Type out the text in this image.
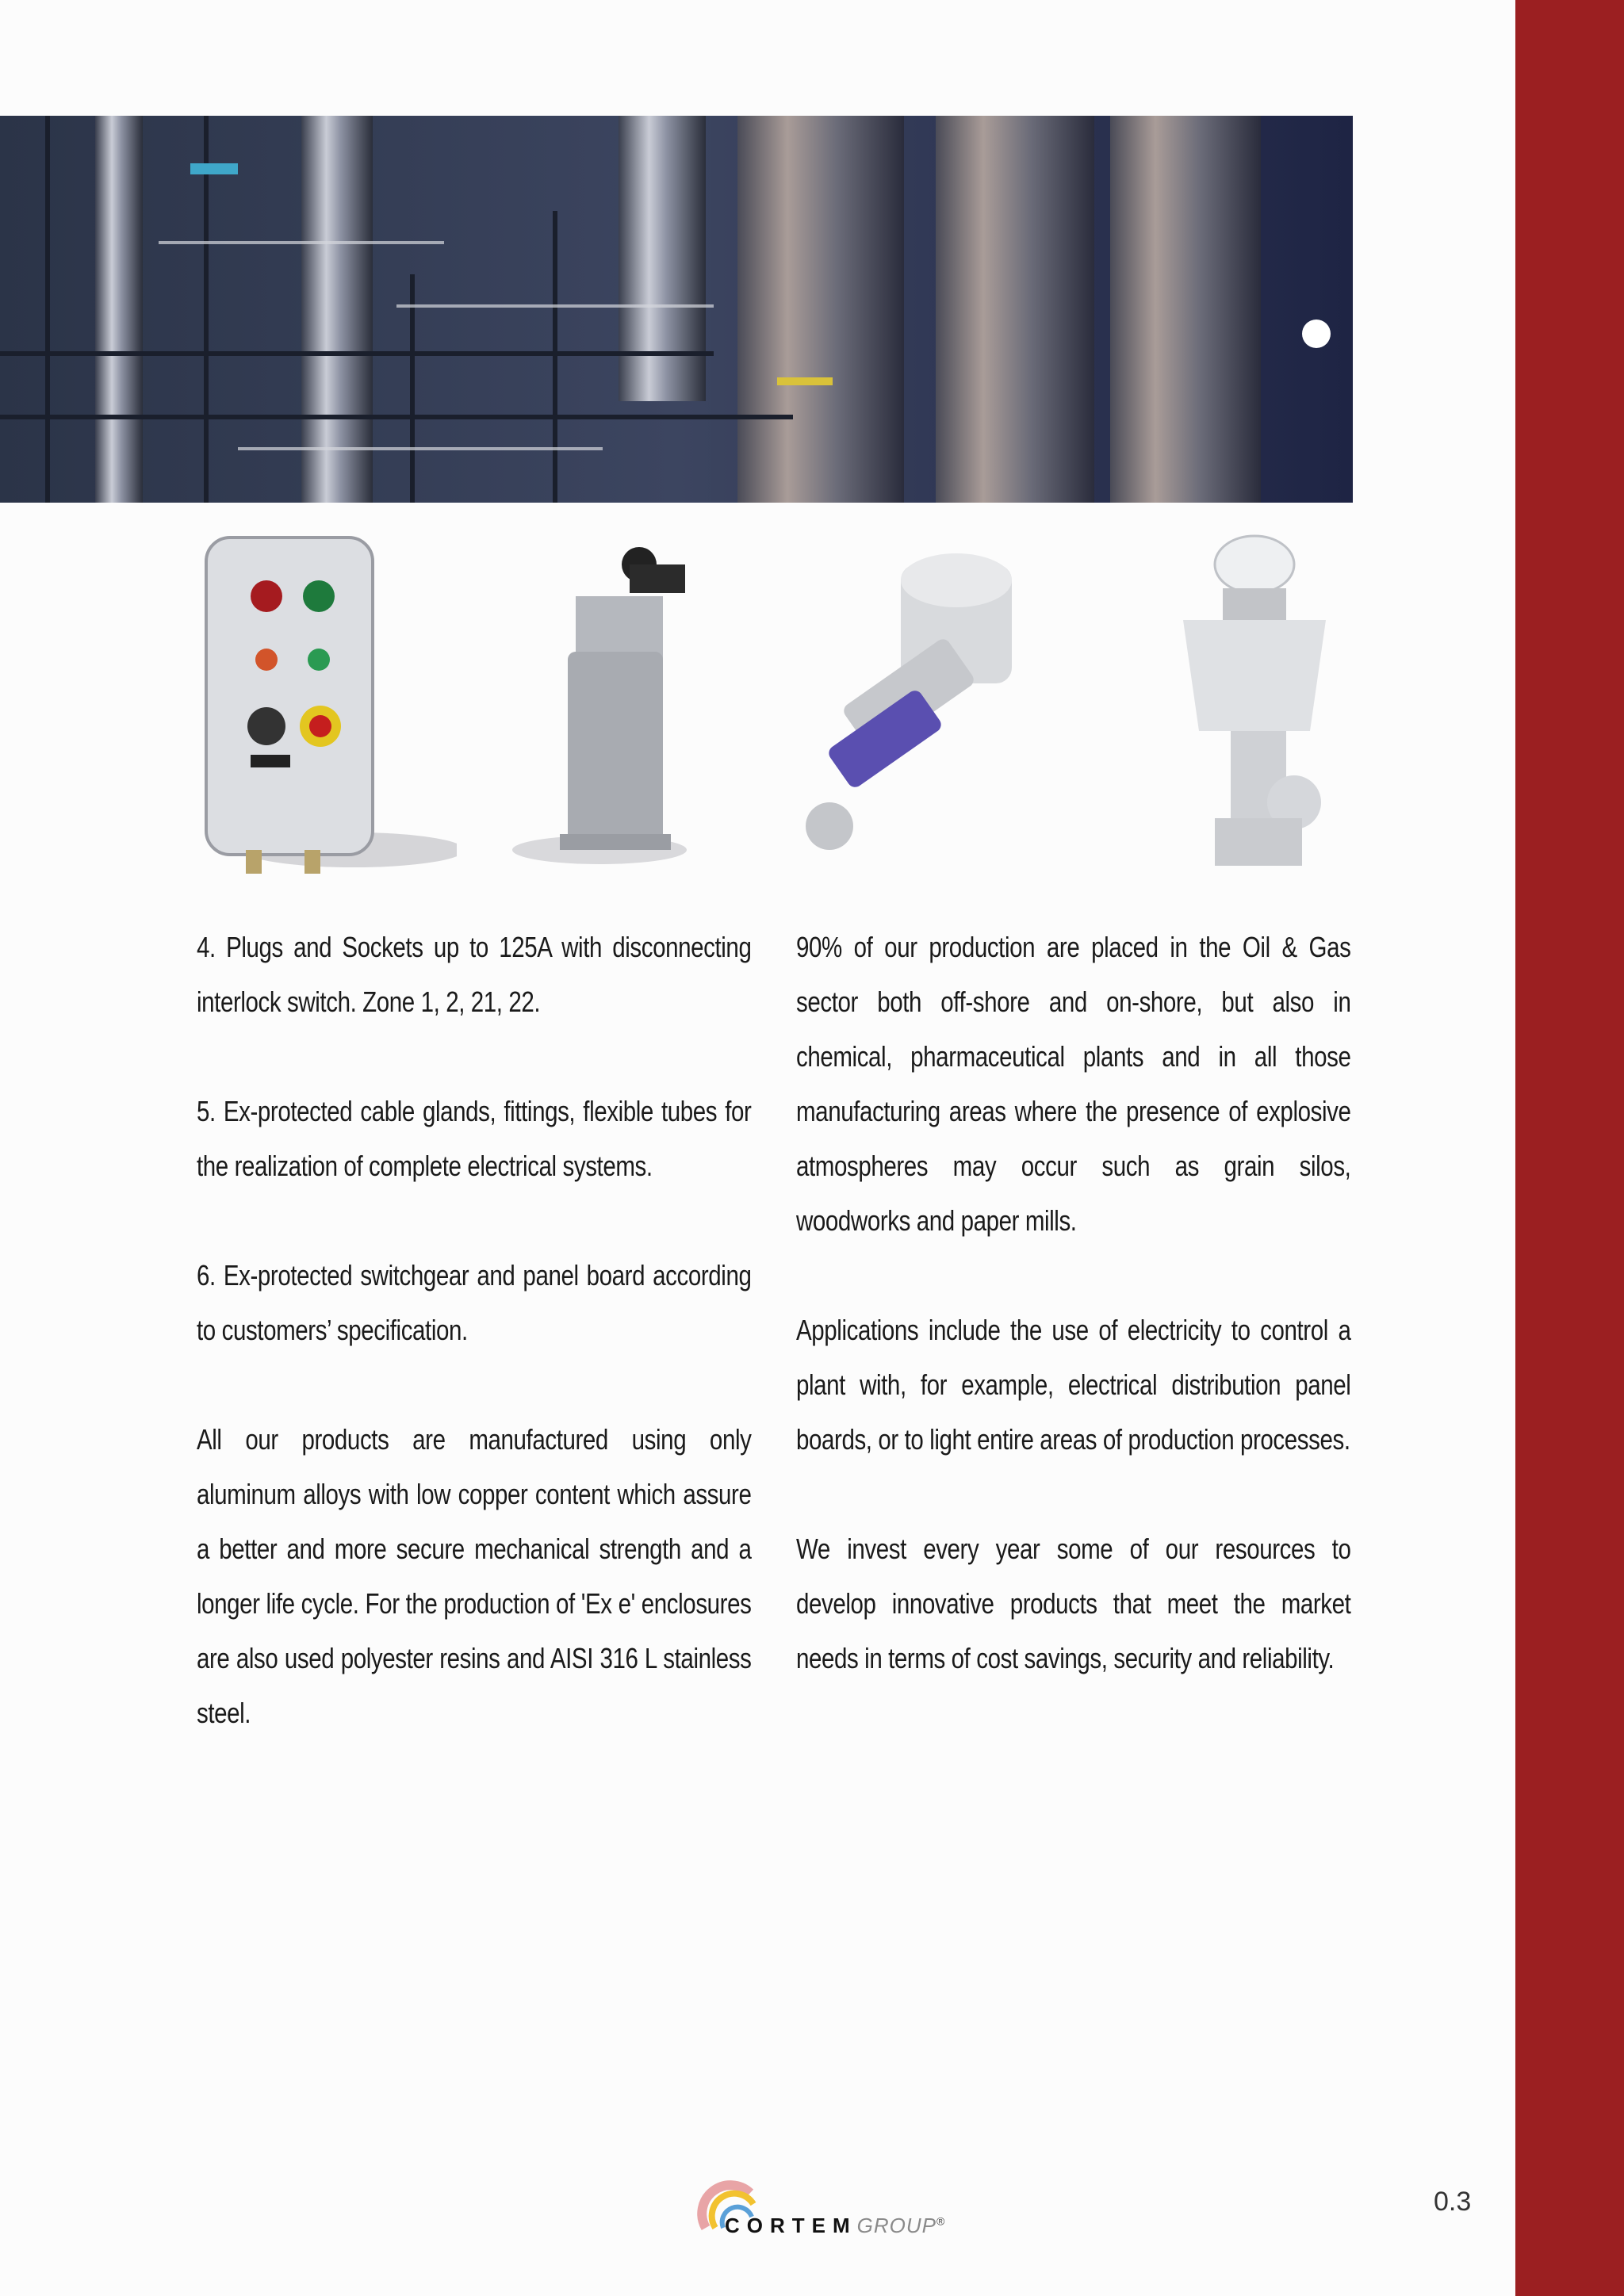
4. Plugs and Sockets up to 125A with disconnecting interlock switch. Zone 1, 2, 21, 22.

5. Ex-protected cable glands, fittings, flexible tubes for the realization of complete electrical systems.

6. Ex-protected switchgear and panel board according to customers’ specification.

All our products are manufactured using only aluminum alloys with low copper content which assure a better and more secure mechanical strength and a longer life cycle. For the production of 'Ex e' enclosures are also used polyester resins and AISI 316 L stainless steel.

90% of our production are placed in the Oil & Gas sector both off-shore and on-shore, but also in chemical, pharmaceutical plants and in all those manufacturing areas where the presence of explosive atmospheres may occur such as grain silos, woodworks and paper mills.

Applications include the use of electricity to control a plant with, for example, electrical distribution panel boards, or to light entire areas of production processes.

We invest every year some of our resources to develop innovative products that meet the market needs in terms of cost savings, security and reliability.

CORTEMGROUP®
0.3
